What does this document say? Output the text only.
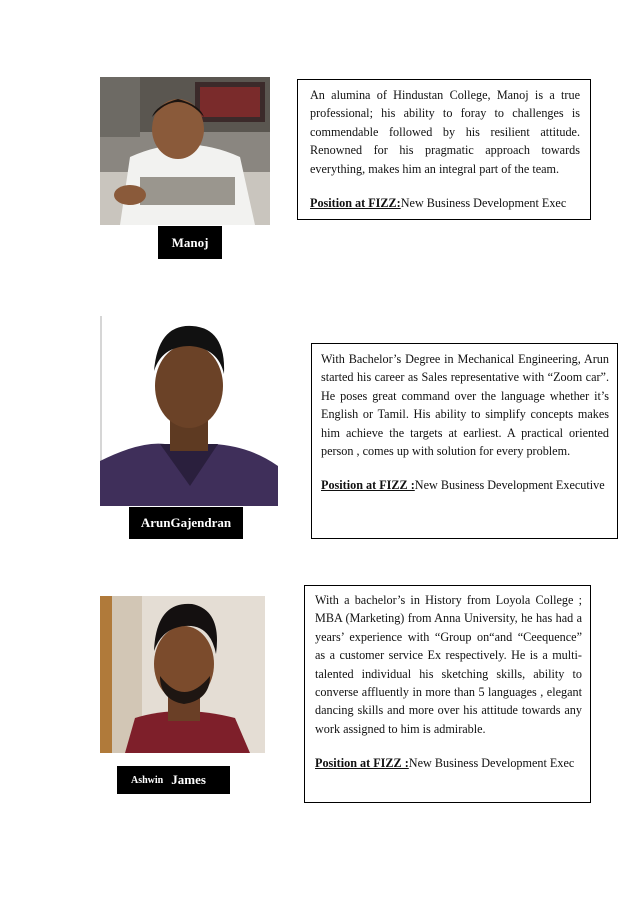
Manoj

An alumina of Hindustan College, Manoj is a true professional; his ability to foray to challenges is commendable followed by his resilient attitude. Renowned for his pragmatic approach towards everything, makes him an integral part of the team.

Position at FIZZ:New Business Development Exec

ArunGajendran

With Bachelor’s Degree in Mechanical Engineering, Arun started his career as Sales representative with “Zoom car”. He poses great command over the language whether it’s English or Tamil. His ability to simplify concepts makes him achieve the targets at earliest. A practical oriented person , comes up with solution for every problem.

Position at FIZZ :New Business Development Executive

Ashwin James

With a bachelor’s in History from Loyola College ; MBA (Marketing) from Anna University, he has had a years’ experience with “Group on“and “Ceequence” as a customer service Ex respectively. He is a multi-talented individual his sketching skills, ability to converse affluently in more than 5 languages , elegant dancing skills and more over his attitude towards any work assigned to him is admirable.

Position at FIZZ :New Business Development Exec
